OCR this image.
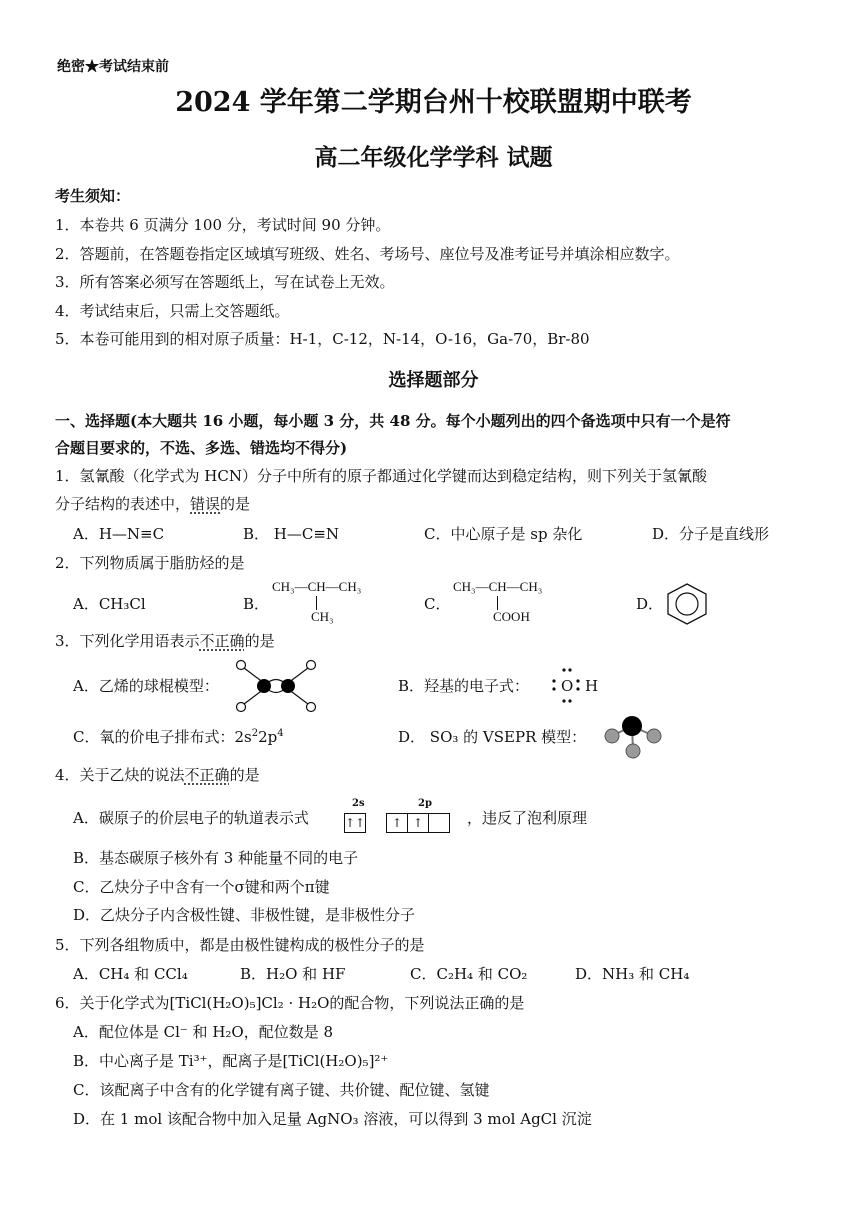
绝密★考试结束前
2024 学年第二学期台州十校联盟期中联考
高二年级化学学科 试题
考生须知：
1．本卷共 6 页满分 100 分，考试时间 90 分钟。
2．答题前，在答题卷指定区域填写班级、姓名、考场号、座位号及准考证号并填涂相应数字。
3．所有答案必须写在答题纸上，写在试卷上无效。
4．考试结束后，只需上交答题纸。
5．本卷可能用到的相对原子质量：H-1，C-12，N-14，O-16，Ga-70，Br-80
选择题部分
一、选择题(本大题共 16 小题，每小题 3 分，共 48 分。每个小题列出的四个备选项中只有一个是符
合题目要求的，不选、多选、错选均不得分)
1．氢氰酸（化学式为 HCN）分子中所有的原子都通过化学键而达到稳定结构，则下列关于氢氰酸
分子结构的表述中，错误的是
A．H—N≡C	B． H—C≡N	C．中心原子是 sp 杂化	D．分子是直线形
2．下列物质属于脂肪烃的是
A．CH₃Cl	B．
CH₃—CH—CH₃
CH₃
C．
CH₃—CH—CH₃
COOH
D．
3．下列化学用语表示不正确的是
A．乙烯的球棍模型：	B．羟基的电子式： O H
C．氧的价电子排布式：$2s^22p^4$	D． SO₃ 的 VSEPR 模型：
4．关于乙炔的说法不正确的是
A．碳原子的价层电子的轨道表示式
2s
↑↑
2p
↑ ↑	，违反了泡利原理
B．基态碳原子核外有 3 种能量不同的电子
C．乙炔分子中含有一个σ键和两个π键
D．乙炔分子内含极性键、非极性键，是非极性分子
5．下列各组物质中，都是由极性键构成的极性分子的是
A．CH₄ 和 CCl₄	B．H₂O 和 HF	C．C₂H₄ 和 CO₂	D．NH₃ 和 CH₄
6．关于化学式为[TiCl(H₂O)₅]Cl₂ · H₂O的配合物，下列说法正确的是
A．配位体是 Cl⁻ 和 H₂O，配位数是 8
B．中心离子是 Ti³⁺，配离子是[TiCl(H₂O)₅]²⁺
C．该配离子中含有的化学键有离子键、共价键、配位键、氢键
D．在 1 mol 该配合物中加入足量 AgNO₃ 溶液，可以得到 3 mol AgCl 沉淀
